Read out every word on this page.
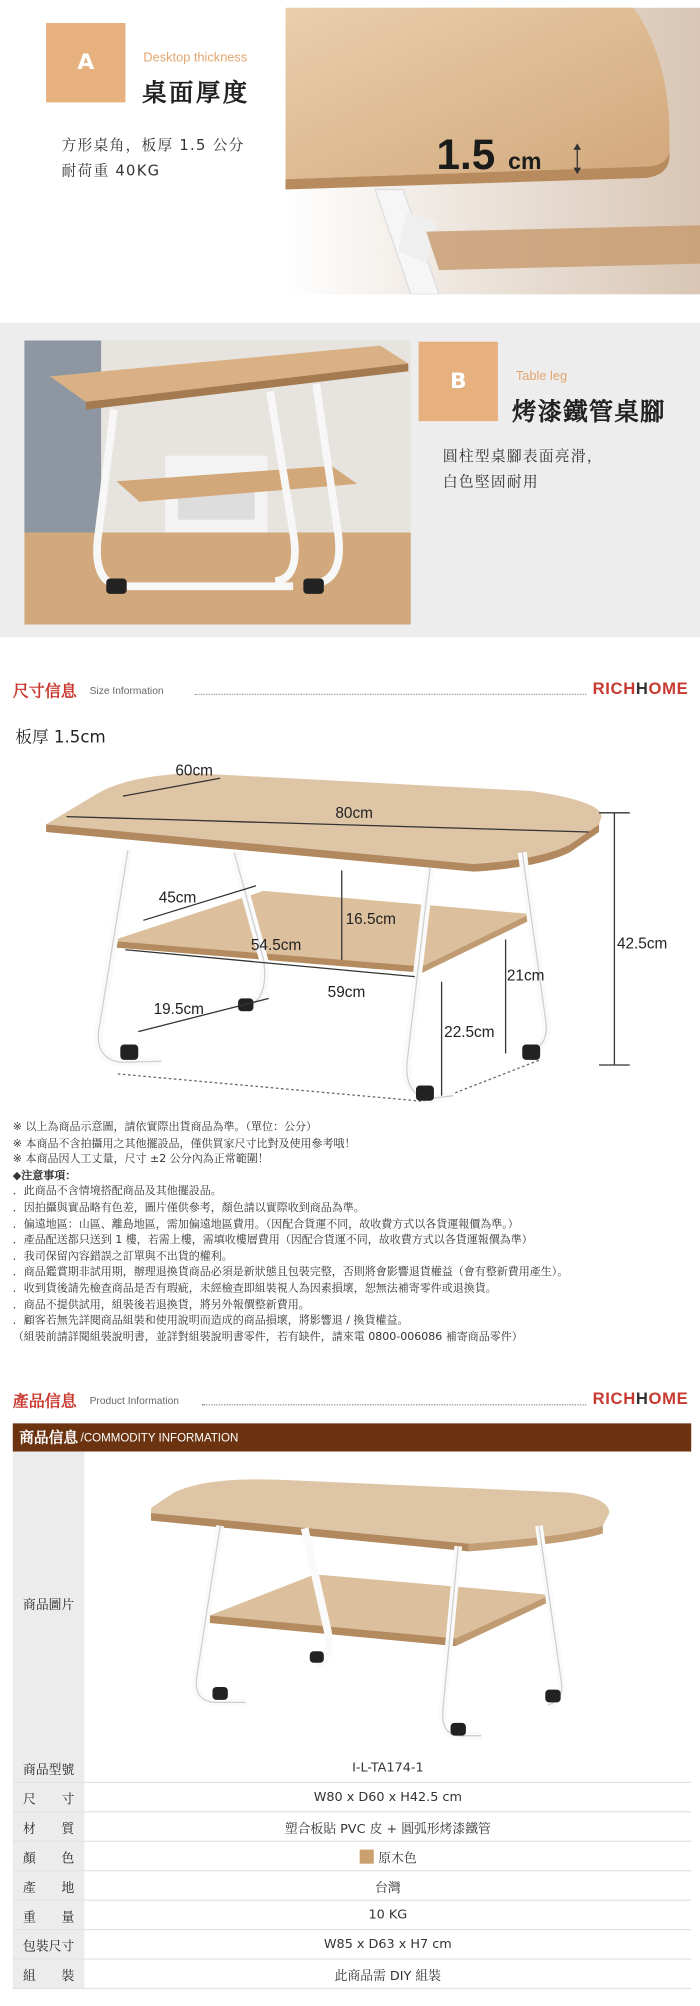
A	Desktop thickness
桌面厚度
方形桌角，板厚 1.5 公分
耐荷重 40KG	1.5 cm
B	Table leg
烤漆鐵管桌腳
圓柱型桌腳表面亮滑，
白色堅固耐用
尺寸信息 Size Information	RICHHOME
板厚 1.5cm
60cm
80cm
45cm
16.5cm
54.5cm
59cm
42.5cm
21cm
19.5cm
22.5cm
※ 以上為商品示意圖，請依實際出貨商品為準。（單位：公分）
※ 本商品不含拍攝用之其他擺設品，僅供買家尺寸比對及使用參考哦！
※ 本商品因人工丈量，尺寸 ±2 公分內為正常範圍！
◆注意事項：
．此商品不含情境搭配商品及其他擺設品。
．因拍攝與實品略有色差，圖片僅供參考，顏色請以實際收到商品為準。
．偏遠地區：山區、離島地區，需加偏遠地區費用。（因配合貨運不同，故收費方式以各貨運報價為準。）
．產品配送都只送到 1 樓，若需上樓，需填收樓層費用（因配合貨運不同，故收費方式以各貨運報價為準）
．我司保留內容錯誤之訂單與不出貨的權利。
．商品鑑賞期非試用期，辦理退換貨商品必須是新狀態且包裝完整，否則將會影響退貨權益（會有整新費用產生）。
．收到貨後請先檢查商品是否有瑕疵，未經檢查即組裝視人為因素損壞，恕無法補寄零件或退換貨。
．商品不提供試用，組裝後若退換貨，將另外報價整新費用。
．顧客若無先詳閱商品組裝和使用說明而造成的商品損壞，將影響退 / 換貨權益。
（組裝前請詳閱組裝說明書，並詳對組裝說明書零件，若有缺件，請來電 0800-006086 補寄商品零件）
產品信息 Product Information	RICHHOME
商品信息 /COMMODITY INFORMATION
商品圖片
商品型號	I-L-TA174-1
尺　　寸	W80 x D60 x H42.5 cm
材　　質	塑合板貼 PVC 皮 + 圓弧形烤漆鐵管
顏　　色	原木色
產　　地	台灣
重　　量	10 KG
包裝尺寸	W85 x D63 x H7 cm
組　　裝	此商品需 DIY 組裝
